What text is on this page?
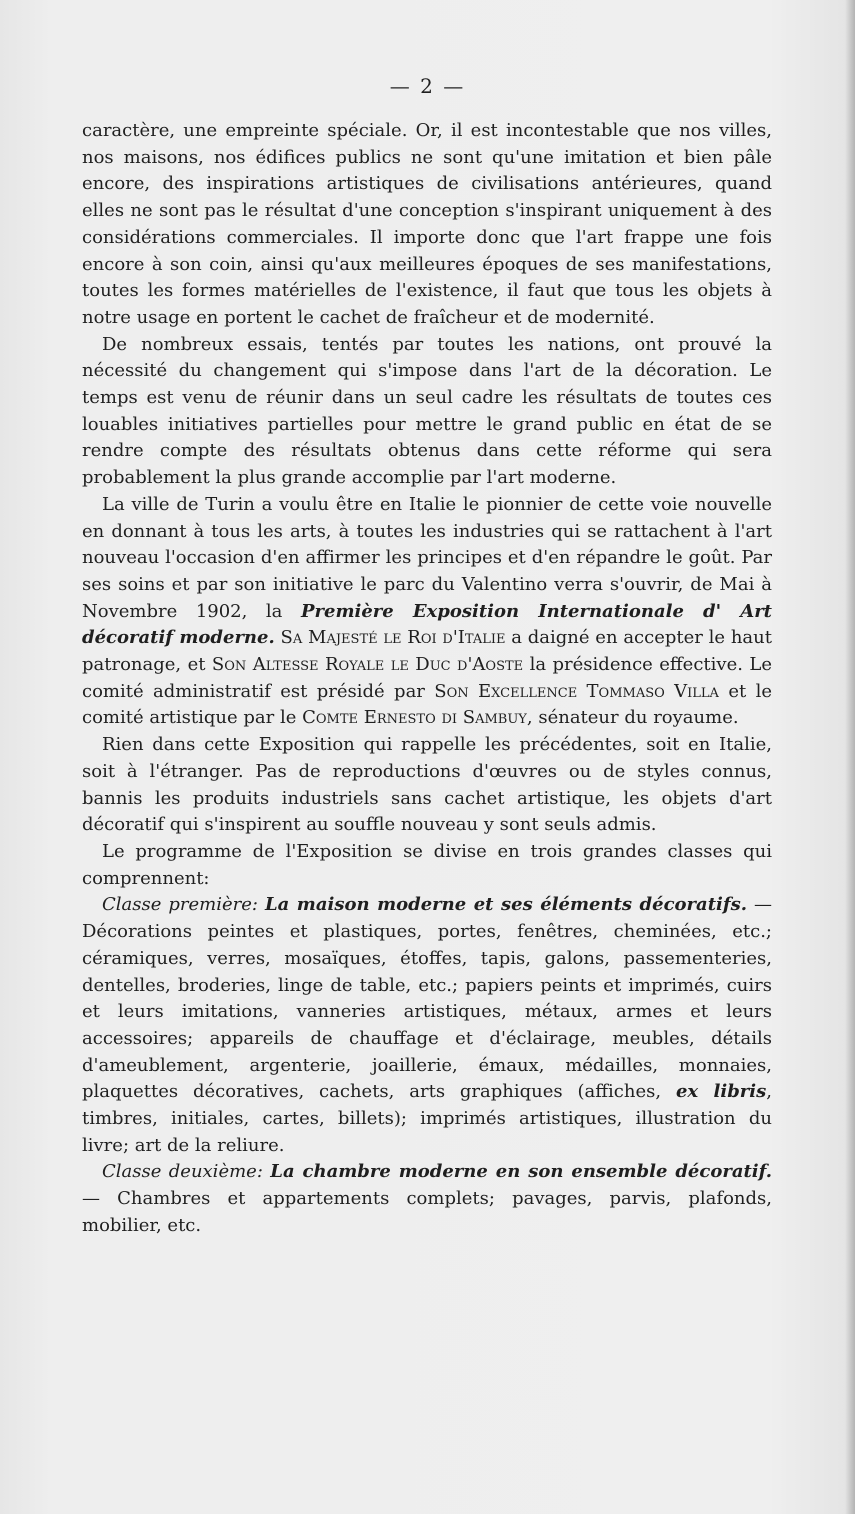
— 2 —

caractère, une empreinte spéciale. Or, il est incontestable que nos villes, nos maisons, nos édifices publics ne sont qu'une imitation et bien pâle encore, des inspirations artistiques de civilisations antérieures, quand elles ne sont pas le résultat d'une conception s'inspirant uniquement à des considérations commerciales. Il importe donc que l'art frappe une fois encore à son coin, ainsi qu'aux meilleures époques de ses manifestations, toutes les formes matérielles de l'existence, il faut que tous les objets à notre usage en portent le cachet de fraîcheur et de modernité.

De nombreux essais, tentés par toutes les nations, ont prouvé la nécessité du changement qui s'impose dans l'art de la décoration. Le temps est venu de réunir dans un seul cadre les résultats de toutes ces louables initiatives partielles pour mettre le grand public en état de se rendre compte des résultats obtenus dans cette réforme qui sera probablement la plus grande accomplie par l'art moderne.

La ville de Turin a voulu être en Italie le pionnier de cette voie nouvelle en donnant à tous les arts, à toutes les industries qui se rattachent à l'art nouveau l'occasion d'en affirmer les principes et d'en répandre le goût. Par ses soins et par son initiative le parc du Valentino verra s'ouvrir, de Mai à Novembre 1902, la Première Exposition Internationale d' Art décoratif moderne. Sa Majesté le Roi d'Italie a daigné en accepter le haut patronage, et Son Altesse Royale le Duc d'Aoste la présidence effective. Le comité administratif est présidé par Son Excellence Tommaso Villa et le comité artistique par le Comte Ernesto di Sambuy, sénateur du royaume.

Rien dans cette Exposition qui rappelle les précédentes, soit en Italie, soit à l'étranger. Pas de reproductions d'œuvres ou de styles connus, bannis les produits industriels sans cachet artistique, les objets d'art décoratif qui s'inspirent au souffle nouveau y sont seuls admis.

Le programme de l'Exposition se divise en trois grandes classes qui comprennent:

Classe première: La maison moderne et ses éléments décoratifs. — Décorations peintes et plastiques, portes, fenêtres, cheminées, etc.; céramiques, verres, mosaïques, étoffes, tapis, galons, passementeries, dentelles, broderies, linge de table, etc.; papiers peints et imprimés, cuirs et leurs imitations, vanneries artistiques, métaux, armes et leurs accessoires; appareils de chauffage et d'éclairage, meubles, détails d'ameublement, argenterie, joaillerie, émaux, médailles, monnaies, plaquettes décoratives, cachets, arts graphiques (affiches, ex libris, timbres, initiales, cartes, billets); imprimés artistiques, illustration du livre; art de la reliure.

Classe deuxième: La chambre moderne en son ensemble décoratif. — Chambres et appartements complets; pavages, parvis, plafonds, mobilier, etc.
